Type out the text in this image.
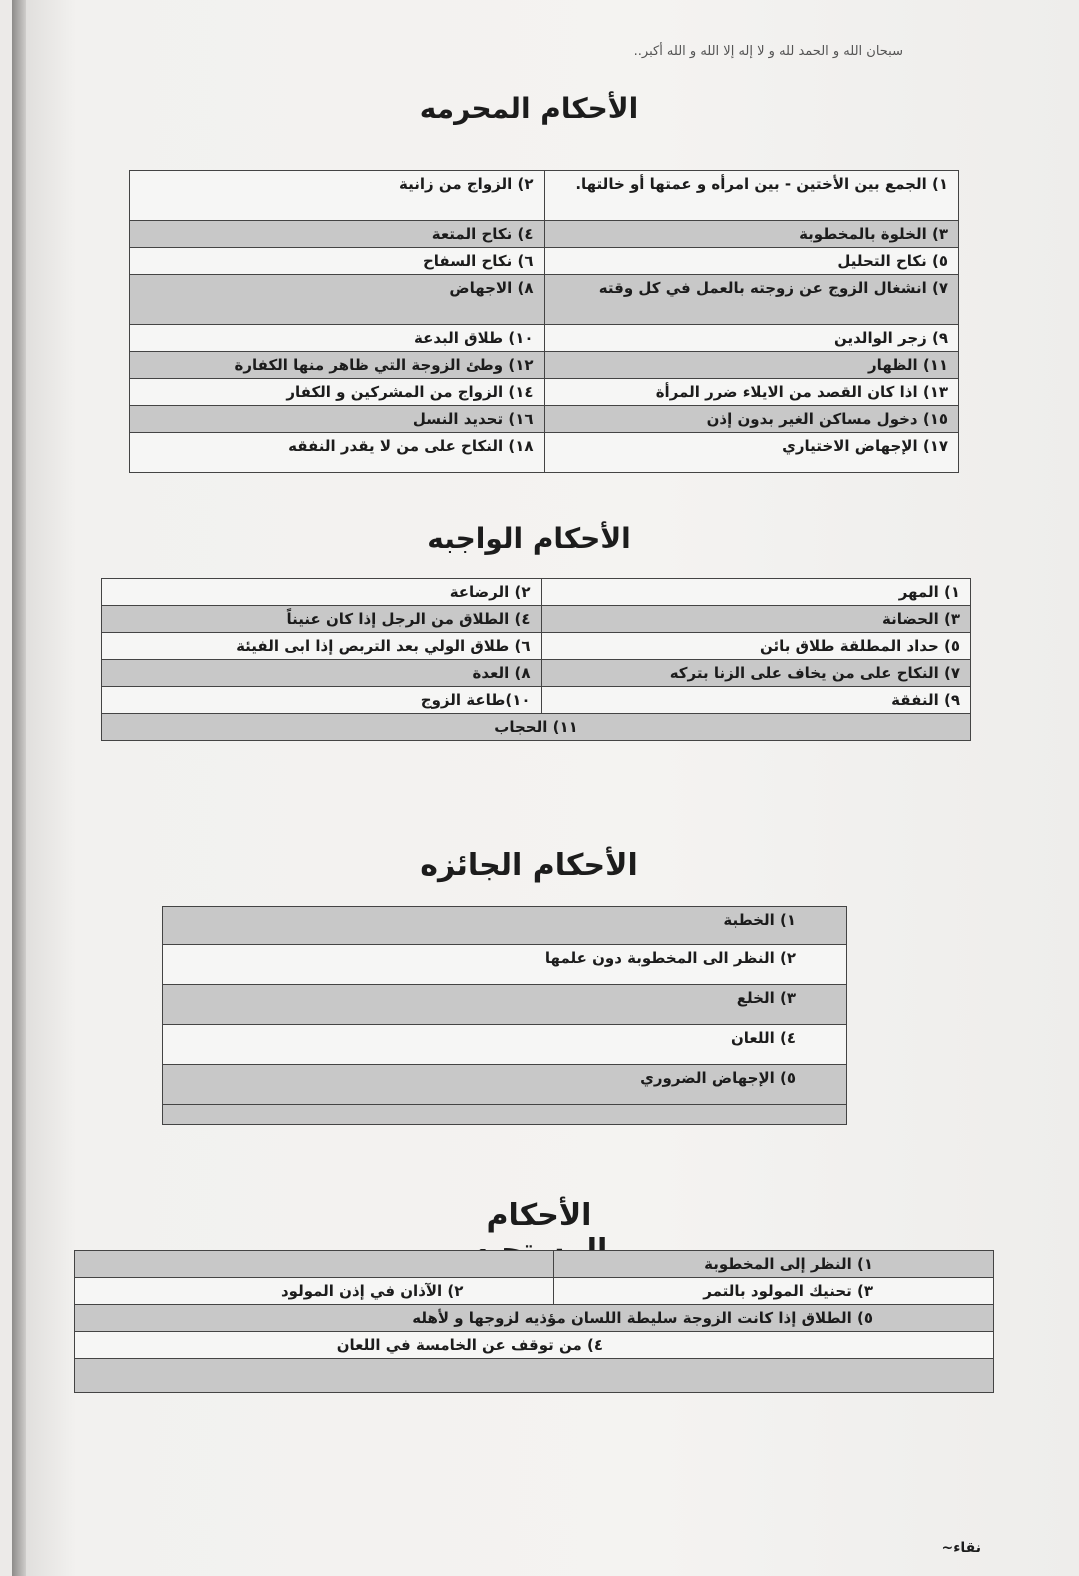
سبحان الله و الحمد لله و لا إله إلا الله و الله أكبر..
الأحكام المحرمه
١) الجمع بين الأختين - بين امرأه و عمتها أو خالتها.	٢) الزواج من زانية
٣) الخلوة بالمخطوبة	٤) نكاح المتعة
٥) نكاح التحليل	٦) نكاح السفاح
٧) انشغال الزوج عن زوجته بالعمل في كل وقته	٨) الاجهاض
٩) زجر الوالدين	١٠) طلاق البدعة
١١) الظهار	١٢) وطئ الزوجة التي ظاهر منها الكفارة
١٣) اذا كان القصد من الايلاء ضرر المرأة	١٤) الزواج من المشركين و الكفار
١٥) دخول مساكن الغير بدون إذن	١٦) تحديد النسل
١٧) الإجهاض الاختياري	١٨) النكاح على من لا يقدر النفقه
الأحكام الواجبه
١) المهر	٢) الرضاعة
٣) الحضانة	٤) الطلاق من الرجل إذا كان عنيناً
٥) حداد المطلقة طلاق بائن	٦) طلاق الولي بعد التربص إذا ابى الفيئة
٧) النكاح على من يخاف على الزنا بتركه	٨) العدة
٩) النفقة	١٠)طاعة الزوج
١١) الحجاب	
الأحكام الجائزه
١) الخطبة
٢) النظر الى المخطوبة دون علمها
٣) الخلع
٤) اللعان
٥) الإجهاض الضروري

الأحكام
١) النظر إلى المخطوبة	
٣) تحنيك المولود بالتمر	٢) الآذان في إذن المولود
٥) الطلاق إذا كانت الزوجة سليطة اللسان مؤذيه لزوجها و لأهله	
٤) من توقف عن الخامسة في اللعان	

نقاء~
